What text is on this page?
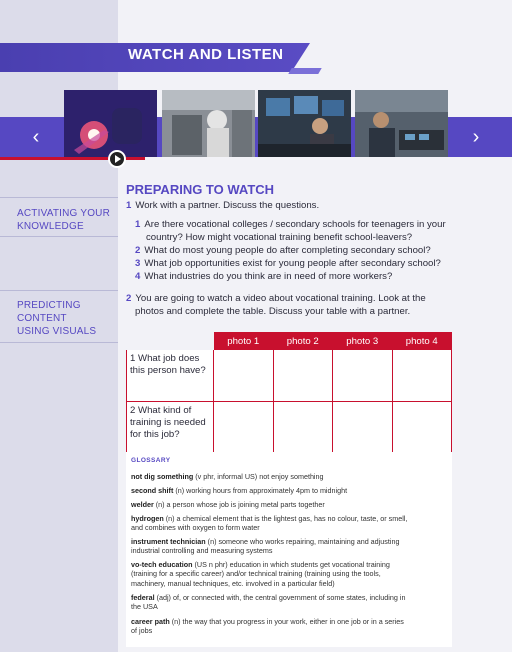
WATCH AND LISTEN
‹	›
PREPARING TO WATCH
ACTIVATING YOUR
KNOWLEDGE
PREDICTING
CONTENT
USING VISUALS
1 Work with a partner. Discuss the questions.
1 Are there vocational colleges / secondary schools for teenagers in your
country? How might vocational training benefit school-leavers?
2 What do most young people do after completing secondary school?
3 What job opportunities exist for young people after secondary school?
4 What industries do you think are in need of more workers?
2 You are going to watch a video about vocational training. Look at the
photos and complete the table. Discuss your table with a partner.
	photo 1	photo 2	photo 3	photo 4
1 What job does
this person have?				
2 What kind of
training is needed
for this job?				
GLOSSARY
not dig something (v phr, informal US) not enjoy something
second shift (n) working hours from approximately 4pm to midnight
welder (n) a person whose job is joining metal parts together
hydrogen (n) a chemical element that is the lightest gas, has no colour, taste, or smell,
and combines with oxygen to form water
instrument technician (n) someone who works repairing, maintaining and adjusting
industrial controlling and measuring systems
vo-tech education (US n phr) education in which students get vocational training
(training for a specific career) and/or technical training (training using the tools,
machinery, manual techniques, etc. involved in a particular field)
federal (adj) of, or connected with, the central government of some states, including in
the USA
career path (n) the way that you progress in your work, either in one job or in a series
of jobs
